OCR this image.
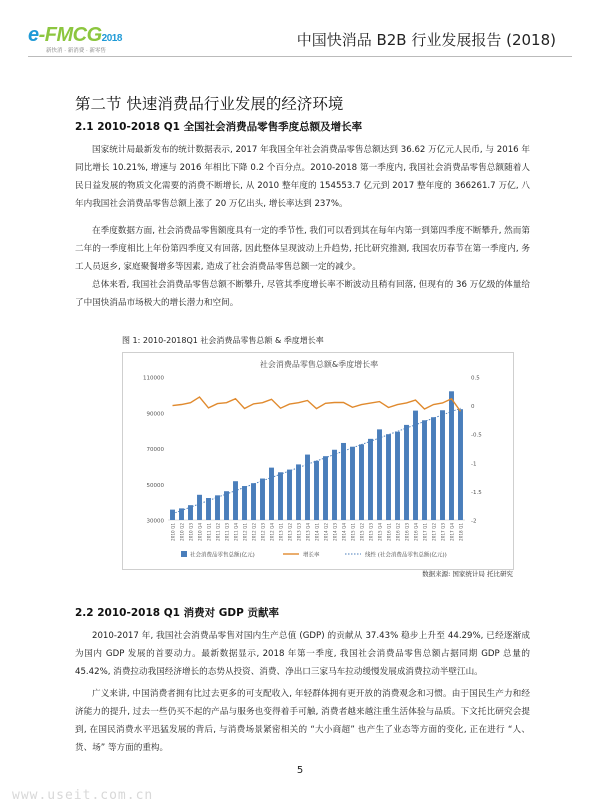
e-FMCG2018
新快消 · 新消费 · 新零售
中国快消品 B2B 行业发展报告 (2018)
第二节 快速消费品行业发展的经济环境
2.1 2010-2018 Q1 全国社会消费品零售季度总额及增长率
国家统计局最新发布的统计数据表示, 2017 年我国全年社会消费品零售总额达到 36.62 万亿元人民币, 与 2016 年同比增长 10.21%, 增速与 2016 年相比下降 0.2 个百分点。2010-2018 第一季度内, 我国社会消费品零售总额随着人民日益发展的物质文化需要的消费不断增长, 从 2010 整年度的 154553.7 亿元到 2017 整年度的 366261.7 万亿, 八年内我国社会消费品零售总额上涨了 20 万亿出头, 增长率达到 237%。
在季度数据方面, 社会消费品零售额度具有一定的季节性, 我们可以看到其在每年内第一到第四季度不断攀升, 然而第二年的一季度相比上年份第四季度又有回落, 因此整体呈现波动上升趋势, 托比研究推测, 我国农历春节在第一季度内, 务工人员返乡, 家庭聚餐增多等因素, 造成了社会消费品零售总额一定的减少。
总体来看, 我国社会消费品零售总额不断攀升, 尽管其季度增长率不断波动且稍有回落, 但现有的 36 万亿级的体量给了中国快消品市场极大的增长潜力和空间。
图 1: 2010-2018Q1 社会消费品零售总额 & 季度增长率
社会消费品零售总额&季度增长率
110000
90000
70000
50000
30000
0.5
0
-0.5
-1
-1.5
-2
2010 Q1 2010 Q2 2010 Q3 2010 Q4 2011 Q1 2011 Q2 2011 Q3 2011 Q4 2012 Q1 2012 Q2 2012 Q3 2012 Q4 2013 Q1 2013 Q2 2013 Q3 2013 Q4 2014 Q1 2014 Q2 2014 Q3 2014 Q4 2015 Q1 2015 Q2 2015 Q3 2015 Q4 2016 Q1 2016 Q2 2016 Q3 2016 Q4 2017 Q1 2017 Q2 2017 Q3 2017 Q4 2018 Q1
社会消费品零售总额(亿元)	增长率	线性 (社会消费品零售总额(亿元))
数据来源: 国家统计局 托比研究
2.2 2010-2018 Q1 消费对 GDP 贡献率
2010-2017 年, 我国社会消费品零售对国内生产总值 (GDP) 的贡献从 37.43% 稳步上升至 44.29%, 已经逐渐成为国内 GDP 发展的首要动力。最新数据显示, 2018 年第一季度, 我国社会消费品零售总额占据同期 GDP 总量的 45.42%, 消费拉动我国经济增长的态势从投资、消费、净出口三家马车拉动缓慢发展成消费拉动半壁江山。
广义来讲, 中国消费者拥有比过去更多的可支配收入, 年轻群体拥有更开放的消费观念和习惯。由于国民生产力和经济能力的提升, 过去一些仍买不起的产品与服务也变得着手可触, 消费者越来越注重生活体验与品质。下文托比研究会提到, 在国民消费水平迅猛发展的背后, 与消费场景紧密相关的 “大小商超” 也产生了业态等方面的变化, 正在进行 “人、货、场” 等方面的重构。
5
www.useit.com.cn
